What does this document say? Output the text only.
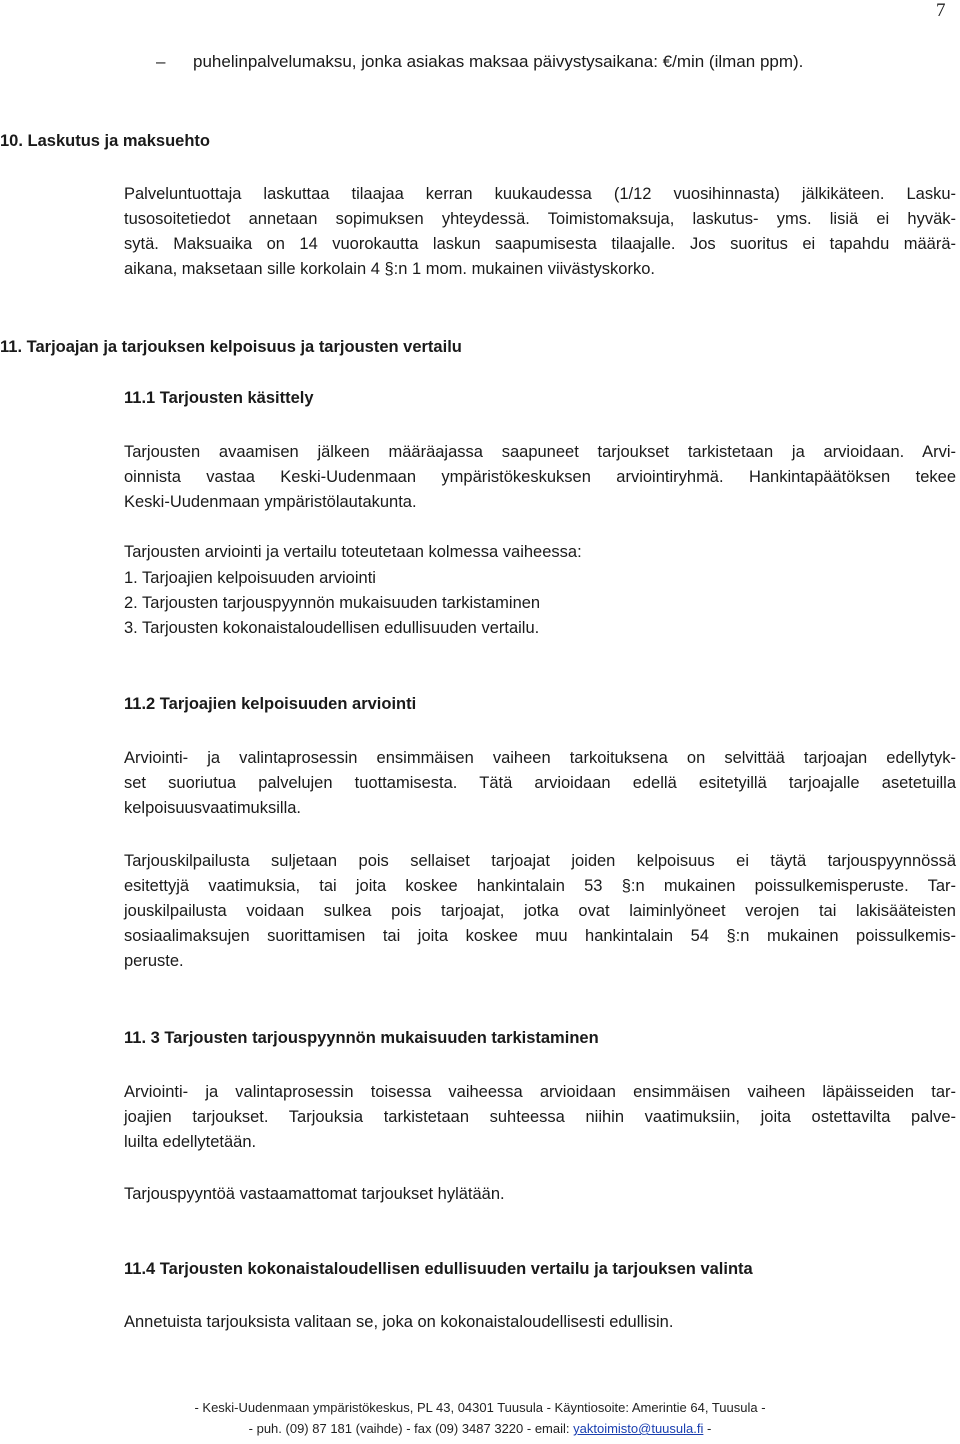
7
– puhelinpalvelumaksu, jonka asiakas maksaa päivystysaikana: €/min (ilman ppm).
10. Laskutus ja maksuehto
Palveluntuottaja laskuttaa tilaajaa kerran kuukaudessa (1/12 vuosihinnasta) jälkikäteen. Lasku-
tusosoitetiedot annetaan sopimuksen yhteydessä. Toimistomaksuja, laskutus- yms. lisiä ei hyväk-
sytä. Maksuaika on 14 vuorokautta laskun saapumisesta tilaajalle. Jos suoritus ei tapahdu määrä-
aikana, maksetaan sille korkolain 4 §:n 1 mom. mukainen viivästyskorko.
11. Tarjoajan ja tarjouksen kelpoisuus ja tarjousten vertailu
11.1 Tarjousten käsittely
Tarjousten avaamisen jälkeen määräajassa saapuneet tarjoukset tarkistetaan ja arvioidaan. Arvi-
oinnista vastaa Keski-Uudenmaan ympäristökeskuksen arviointiryhmä. Hankintapäätöksen tekee
Keski-Uudenmaan ympäristölautakunta.
Tarjousten arviointi ja vertailu toteutetaan kolmessa vaiheessa:
1. Tarjoajien kelpoisuuden arviointi
2. Tarjousten tarjouspyynnön mukaisuuden tarkistaminen
3. Tarjousten kokonaistaloudellisen edullisuuden vertailu.
11.2 Tarjoajien kelpoisuuden arviointi
Arviointi- ja valintaprosessin ensimmäisen vaiheen tarkoituksena on selvittää tarjoajan edellytyk-
set suoriutua palvelujen tuottamisesta. Tätä arvioidaan edellä esitetyillä tarjoajalle asetetuilla
kelpoisuusvaatimuksilla.
Tarjouskilpailusta suljetaan pois sellaiset tarjoajat joiden kelpoisuus ei täytä tarjouspyynnössä
esitettyjä vaatimuksia, tai joita koskee hankintalain 53 §:n mukainen poissulkemisperuste. Tar-
jouskilpailusta voidaan sulkea pois tarjoajat, jotka ovat laiminlyöneet verojen tai lakisääteisten
sosiaalimaksujen suorittamisen tai joita koskee muu hankintalain 54 §:n mukainen poissulkemis-
peruste.
11. 3 Tarjousten tarjouspyynnön mukaisuuden tarkistaminen
Arviointi- ja valintaprosessin toisessa vaiheessa arvioidaan ensimmäisen vaiheen läpäisseiden tar-
joajien tarjoukset. Tarjouksia tarkistetaan suhteessa niihin vaatimuksiin, joita ostettavilta palve-
luilta edellytetään.
Tarjouspyyntöä vastaamattomat tarjoukset hylätään.
11.4 Tarjousten kokonaistaloudellisen edullisuuden vertailu ja tarjouksen valinta
Annetuista tarjouksista valitaan se, joka on kokonaistaloudellisesti edullisin.
- Keski-Uudenmaan ympäristökeskus, PL 43, 04301 Tuusula - Käyntiosoite: Amerintie 64, Tuusula -
- puh. (09) 87 181 (vaihde) - fax (09) 3487 3220 - email: yaktoimisto@tuusula.fi -
